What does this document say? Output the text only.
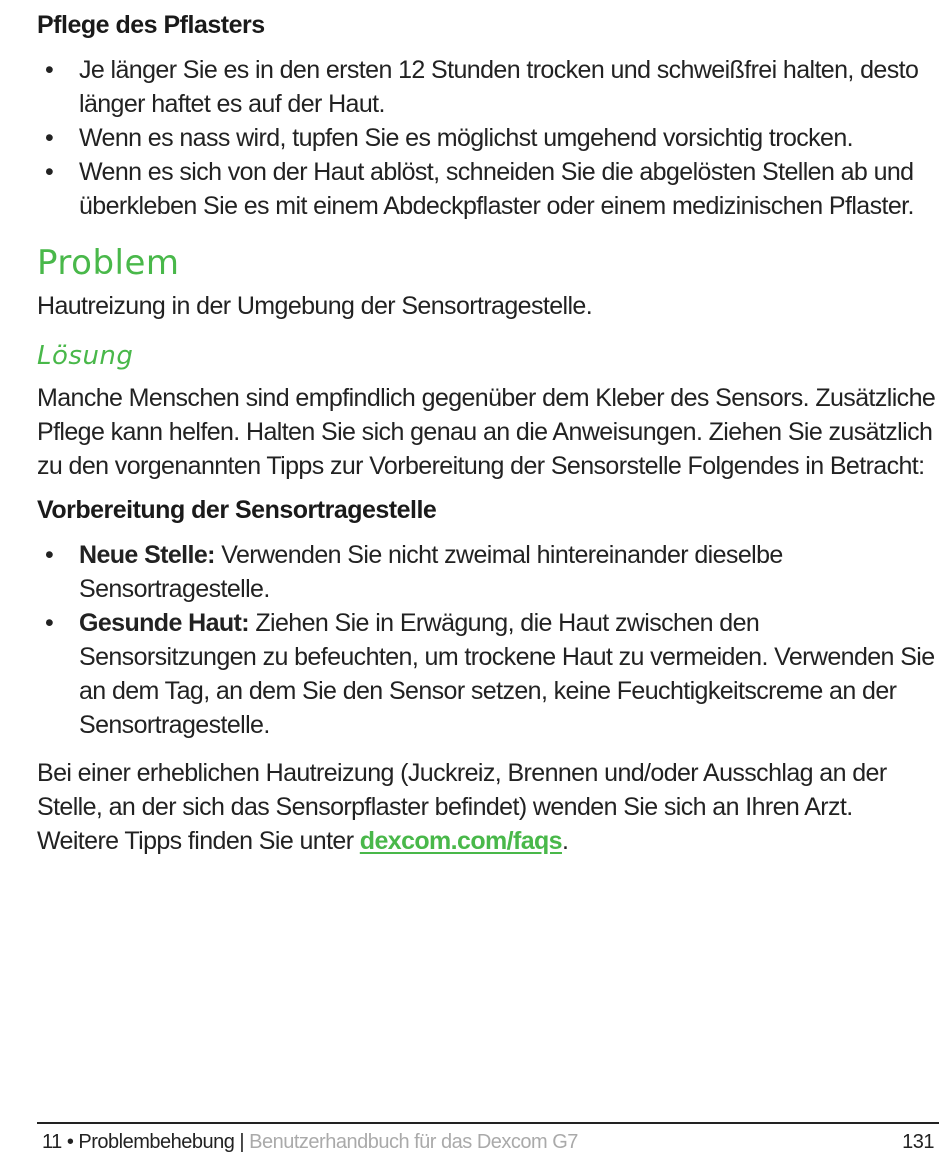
Pflege des Pflasters
• Je länger Sie es in den ersten 12 Stunden trocken und schweißfrei halten, desto länger haftet es auf der Haut.
• Wenn es nass wird, tupfen Sie es möglichst umgehend vorsichtig trocken.
• Wenn es sich von der Haut ablöst, schneiden Sie die abgelösten Stellen ab und überkleben Sie es mit einem Abdeckpflaster oder einem medizinischen Pflaster.
Problem

Hautreizung in der Umgebung der Sensortragestelle.

Lösung

Manche Menschen sind empfindlich gegenüber dem Kleber des Sensors. Zusätzliche Pflege kann helfen. Halten Sie sich genau an die Anweisungen. Ziehen Sie zusätzlich zu den vorgenannten Tipps zur Vorbereitung der Sensorstelle Folgendes in Betracht:

Vorbereitung der Sensortragestelle
• Neue Stelle: Verwenden Sie nicht zweimal hintereinander dieselbe Sensortragestelle.
• Gesunde Haut: Ziehen Sie in Erwägung, die Haut zwischen den Sensorsitzungen zu befeuchten, um trockene Haut zu vermeiden. Verwenden Sie an dem Tag, an dem Sie den Sensor setzen, keine Feuchtigkeitscreme an der Sensortragestelle.

Bei einer erheblichen Hautreizung (Juckreiz, Brennen und/oder Ausschlag an der Stelle, an der sich das Sensorpflaster befindet) wenden Sie sich an Ihren Arzt. Weitere Tipps finden Sie unter dexcom.com/faqs.

11 • Problembehebung | Benutzerhandbuch für das Dexcom G7	131
